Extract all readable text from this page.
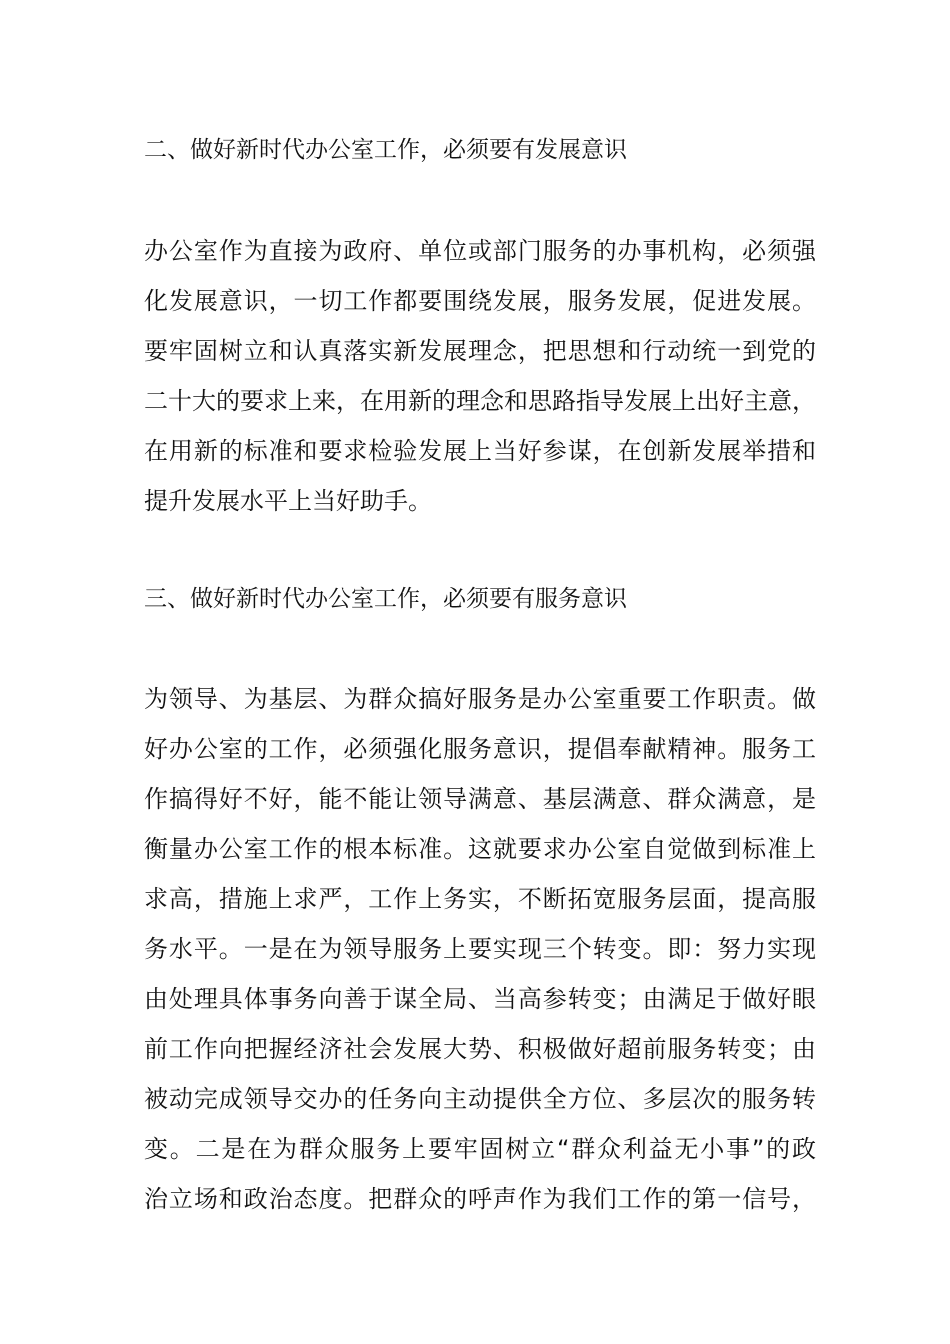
二、做好新时代办公室工作，必须要有发展意识
办公室作为直接为政府、单位或部门服务的办事机构，必须强
化发展意识，一切工作都要围绕发展，服务发展，促进发展。
要牢固树立和认真落实新发展理念，把思想和行动统一到党的
二十大的要求上来，在用新的理念和思路指导发展上出好主意，
在用新的标准和要求检验发展上当好参谋，在创新发展举措和
提升发展水平上当好助手。
三、做好新时代办公室工作，必须要有服务意识
为领导、为基层、为群众搞好服务是办公室重要工作职责。做
好办公室的工作，必须强化服务意识，提倡奉献精神。服务工
作搞得好不好，能不能让领导满意、基层满意、群众满意，是
衡量办公室工作的根本标准。这就要求办公室自觉做到标准上
求高，措施上求严，工作上务实，不断拓宽服务层面，提高服
务水平。一是在为领导服务上要实现三个转变。即：努力实现
由处理具体事务向善于谋全局、当高参转变；由满足于做好眼
前工作向把握经济社会发展大势、积极做好超前服务转变；由
被动完成领导交办的任务向主动提供全方位、多层次的服务转
变。二是在为群众服务上要牢固树立“群众利益无小事”的政
治立场和政治态度。把群众的呼声作为我们工作的第一信号，
